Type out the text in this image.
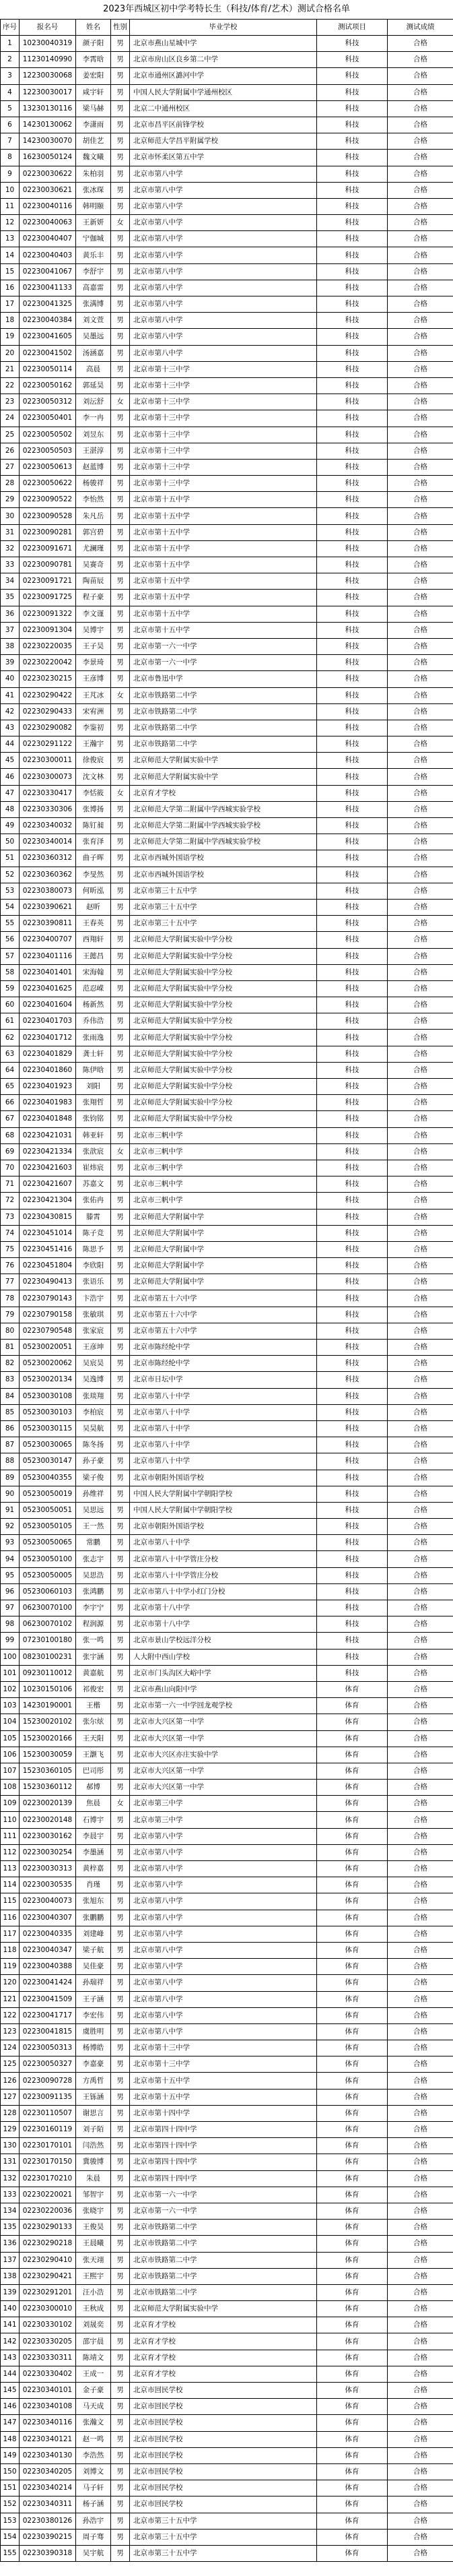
2023年西城区初中学考特长生（科技/体育/艺术）测试合格名单
序号	报名号	姓名	性别	毕业学校	测试项目	测试成绩
1	10230040319	颜子阳	男	北京市燕山星城中学	科技	合格
2	11230140990	李霄晗	男	北京市房山区良乡第二中学	科技	合格
3	12230030068	姜宏阳	男	北京市通州区潞河中学	科技	合格
4	12230030017	咸宇轩	男	中国人民大学附属中学通州校区	科技	合格
5	13230130116	梁马赫	男	北京二中通州校区	科技	合格
6	14230130062	李潇雨	男	北京市昌平区前锋学校	科技	合格
7	14230030070	胡佳艺	男	北京师范大学昌平附属学校	科技	合格
8	16230050124	魏文曦	男	北京市怀柔区第五中学	科技	合格
9	02230030622	朱柏羽	男	北京市第八中学	科技	合格
10	02230030621	张冰琛	男	北京市第八中学	科技	合格
11	02230040116	韩明颐	男	北京市第八中学	科技	合格
12	02230040063	王新妍	女	北京市第八中学	科技	合格
13	02230040407	宁伽城	男	北京市第八中学	科技	合格
14	02230040403	黄乐丰	男	北京市第八中学	科技	合格
15	02230041067	李舒宇	男	北京市第八中学	科技	合格
16	02230041133	高嘉雷	男	北京市第八中学	科技	合格
17	02230041325	张满博	男	北京市第八中学	科技	合格
18	02230040384	刘文萱	男	北京市第八中学	科技	合格
19	02230041605	吴墨远	男	北京市第八中学	科技	合格
20	02230041502	汤涵嘉	男	北京市第八中学	科技	合格
21	02230050114	高晨	男	北京市第十三中学	科技	合格
22	02230050162	郭延昊	男	北京市第十三中学	科技	合格
23	02230050312	刘沄舒	女	北京市第十三中学	科技	合格
24	02230050401	李一冉	男	北京市第十三中学	科技	合格
25	02230050502	刘昱东	男	北京市第十三中学	科技	合格
26	02230050503	王湛淳	男	北京市第十三中学	科技	合格
27	02230050613	赵蓝博	男	北京市第十三中学	科技	合格
28	02230050622	杨骏祥	男	北京市第十三中学	科技	合格
29	02230090522	李怡然	男	北京市第十五中学	科技	合格
30	02230090528	朱凡岳	男	北京市第十五中学	科技	合格
31	02230090281	郭宫碧	男	北京市第十五中学	科技	合格
32	02230091671	尤澜瑾	男	北京市第十五中学	科技	合格
33	02230090781	吴赛奇	男	北京市第十五中学	科技	合格
34	02230091721	陶苗辰	男	北京市第十五中学	科技	合格
35	02230091725	程子豪	男	北京市第十五中学	科技	合格
36	02230091322	李文谨	男	北京市第十五中学	科技	合格
37	02230091304	吴博宇	男	北京市第十五中学	科技	合格
38	02230220035	王子昊	男	北京市第一六一中学	科技	合格
39	02230220042	李景琦	男	北京市第一六一中学	科技	合格
40	02230230215	王彦博	男	北京市鲁迅中学	科技	合格
41	02230290422	王芃冰	女	北京市铁路第二中学	科技	合格
42	02230290433	宋宥洲	男	北京市铁路第二中学	科技	合格
43	02230290082	李鉴初	男	北京市铁路第二中学	科技	合格
44	02230291122	王瀚宇	男	北京市铁路第二中学	科技	合格
45	02230300011	徐俊宸	男	北京师范大学附属实验中学	科技	合格
46	02230300073	沈文林	男	北京师范大学附属实验中学	科技	合格
47	02230330417	李恬筱	女	北京育才学校	科技	合格
48	02230330306	张博扬	男	北京师范大学第二附属中学西城实验学校	科技	合格
49	02230340032	陈钉昶	男	北京师范大学第二附属中学西城实验学校	科技	合格
50	02230340014	张育泽	男	北京师范大学第二附属中学西城实验学校	科技	合格
51	02230360312	曲子晖	男	北京市西城外国语学校	科技	合格
52	02230360362	李旻然	男	北京市西城外国语学校	科技	合格
53	02230380073	何昕泓	男	北京市第三十五中学	科技	合格
54	02230390621	赵昕	男	北京市第三十五中学	科技	合格
55	02230390811	王春英	男	北京市第三十五中学	科技	合格
56	02230400707	西翔轩	男	北京师范大学附属实验中学分校	科技	合格
57	02230401116	王懿昌	男	北京师范大学附属实验中学分校	科技	合格
58	02230401401	宋海翰	男	北京师范大学附属实验中学分校	科技	合格
59	02230401625	范忍嵘	男	北京师范大学附属实验中学分校	科技	合格
60	02230401604	杨新然	男	北京师范大学附属实验中学分校	科技	合格
61	02230401703	乔伟浩	男	北京师范大学附属实验中学分校	科技	合格
62	02230401712	张雨逸	男	北京师范大学附属实验中学分校	科技	合格
63	02230401829	龚士轩	男	北京师范大学附属实验中学分校	科技	合格
64	02230401860	陈伊晗	男	北京师范大学附属实验中学分校	科技	合格
65	02230401923	刘阳	男	北京师范大学附属实验中学分校	科技	合格
66	02230401983	张翔哲	男	北京师范大学附属实验中学分校	科技	合格
67	02230401848	张钧铭	男	北京师范大学附属实验中学分校	科技	合格
68	02230421031	韩亚轩	男	北京市三帆中学	科技	合格
69	02230421334	张歆宸	女	北京市三帆中学	科技	合格
70	02230421603	崔炜宸	男	北京市三帆中学	科技	合格
71	02230421607	苏嘉文	男	北京市三帆中学	科技	合格
72	02230421304	张佑冉	男	北京市三帆中学	科技	合格
73	02230430815	滕霄	男	北京师范大学附属中学	科技	合格
74	02230451014	陈子竞	男	北京师范大学附属中学	科技	合格
75	02230451416	陈思予	男	北京师范大学附属中学	科技	合格
76	02230451804	李欣阳	男	北京师范大学附属中学	科技	合格
77	02230490413	张语乐	男	北京师范大学附属中学	科技	合格
78	02230790143	卞浩宇	男	北京市第五十六中学	科技	合格
79	02230790158	张敏琪	男	北京市第五十六中学	科技	合格
80	02230790548	张家宸	男	北京市第五十六中学	科技	合格
81	05230020051	王彦坤	男	北京市陈经纶中学	科技	合格
82	05230020062	吴宸昊	男	北京市陈经纶中学	科技	合格
83	05230020134	吴逸博	男	北京市日坛中学	科技	合格
84	05230030108	张琰翔	男	北京市第八十中学	科技	合格
85	05230030103	李柏宸	男	北京市第八十中学	科技	合格
86	05230030115	吴昊航	男	北京市第八十中学	科技	合格
87	05230030065	陈冬扬	男	北京市第八十中学	科技	合格
88	05230030147	孙子豪	男	北京市第八十中学	科技	合格
89	05230040355	梁子俊	男	北京市朝阳外国语学校	科技	合格
90	05230050019	孙维祥	男	中国人民大学附属中学朝阳学校	科技	合格
91	05230050051	吴思远	男	中国人民大学附属中学朝阳学校	科技	合格
92	05230050105	王一然	男	北京市朝阳外国语学校	科技	合格
93	05230050065	常鹏	男	北京市第八十中学	科技	合格
94	05230050100	张志宇	男	北京市第八十中学管庄分校	科技	合格
95	05230050005	吴思浩	男	北京市第八十中学管庄分校	科技	合格
96	05230060103	张鸿鹏	男	北京市第八十中学小红门分校	科技	合格
97	06230070100	李宇宁	男	北京市第十八中学	科技	合格
98	06230070102	程润源	男	北京市第十八中学	科技	合格
99	07230100180	张一鸣	男	北京市景山学校远洋分校	科技	合格
100	08230100231	张宇涵	男	人大附中西山学校	科技	合格
101	09230110012	黄嘉航	男	北京市门头沟区大峪中学	科技	合格
102	10230150106	祁俊宏	男	北京市燕山向阳中学	体育	合格
103	14230190001	王楷	男	北京市第一六一中学回龙观学校	体育	合格
104	15230020102	张尔炫	男	北京市大兴区第一中学	体育	合格
105	15230020166	王天阳	男	北京市大兴区第一中学	体育	合格
106	15230030059	王灏飞	男	北京市大兴区亦庄实验中学	体育	合格
107	15230360105	巴司彤	男	北京市大兴区第一中学	体育	合格
108	15230360112	郝博	男	北京市大兴区第一中学	体育	合格
109	02230020139	焦晨	女	北京市第三中学	体育	合格
110	02230020148	石博宇	男	北京市第三中学	体育	合格
111	02230030162	李晨宇	男	北京市第八中学	体育	合格
112	02230030254	李墨涵	男	北京市第八中学	体育	合格
113	02230030313	黄梓嘉	男	北京市第八中学	体育	合格
114	02230030535	肖瑾	男	北京市第八中学	体育	合格
115	02230040073	张旭东	男	北京市第八中学	体育	合格
116	02230040307	张鹏鹏	男	北京市第八中学	体育	合格
117	02230040335	刘建峰	男	北京市第八中学	体育	合格
118	02230040347	梁子航	男	北京市第八中学	体育	合格
119	02230040388	吴佳豪	男	北京市第八中学	体育	合格
120	02230041424	孙瑞祥	男	北京市第八中学	体育	合格
121	02230041509	王子涵	男	北京市第八中学	体育	合格
122	02230041717	李宏伟	男	北京市第八中学	体育	合格
123	02230041815	虞胜明	男	北京市第八中学	体育	合格
124	02230050313	杨博皓	男	北京市第十三中学	体育	合格
125	02230050327	李嘉豪	男	北京市第十三中学	体育	合格
126	02230090728	方禹哲	男	北京市第十五中学	体育	合格
127	02230091135	王铄涵	男	北京市第十五中学	体育	合格
128	02230110507	谢思言	男	北京市第十四中学	体育	合格
129	02230160119	刘子陌	男	北京市第四十四中学	体育	合格
130	02230170101	闫浩然	男	北京市第四十四中学	体育	合格
131	02230170150	冀骏博	男	北京市第四十四中学	体育	合格
132	02230170210	朱晨	男	北京市第四十四中学	体育	合格
133	02230220021	邹智宇	男	北京市第一六一中学	体育	合格
134	02230220036	张晓宇	男	北京市第一六一中学	体育	合格
135	02230290133	王俊昊	男	北京市铁路第二中学	体育	合格
136	02230290218	王晨曦	男	北京市铁路第二中学	体育	合格
137	02230290410	张天翊	男	北京市铁路第二中学	体育	合格
138	02230290421	王熙宇	男	北京市铁路第二中学	体育	合格
139	02230291201	汪小浩	男	北京市铁路第二中学	体育	合格
140	02230300010	王秋成	男	北京师范大学附属实验中学	体育	合格
141	02230330102	刘晟奕	男	北京育才学校	体育	合格
142	02230330205	邵宇晨	男	北京育才学校	体育	合格
143	02230330311	陈靖文	男	北京育才学校	体育	合格
144	02230330402	王成一	男	北京育才学校	体育	合格
145	02230340101	金子豪	男	北京市回民学校	体育	合格
146	02230340108	马天成	男	北京市回民学校	体育	合格
147	02230340116	张瀚文	男	北京市回民学校	体育	合格
148	02230340121	赵一鸣	男	北京市回民学校	体育	合格
149	02230340130	李浩然	男	北京市回民学校	体育	合格
150	02230340205	刘博文	男	北京市回民学校	体育	合格
151	02230340214	马子轩	男	北京市回民学校	体育	合格
152	02230340311	杨子涵	男	北京市回民学校	体育	合格
153	02230380126	孙浩宇	男	北京市第三十五中学	体育	合格
154	02230390215	周子骞	男	北京市第三十五中学	体育	合格
155	02230390318	吴宇航	男	北京市第三十五中学	体育	合格
